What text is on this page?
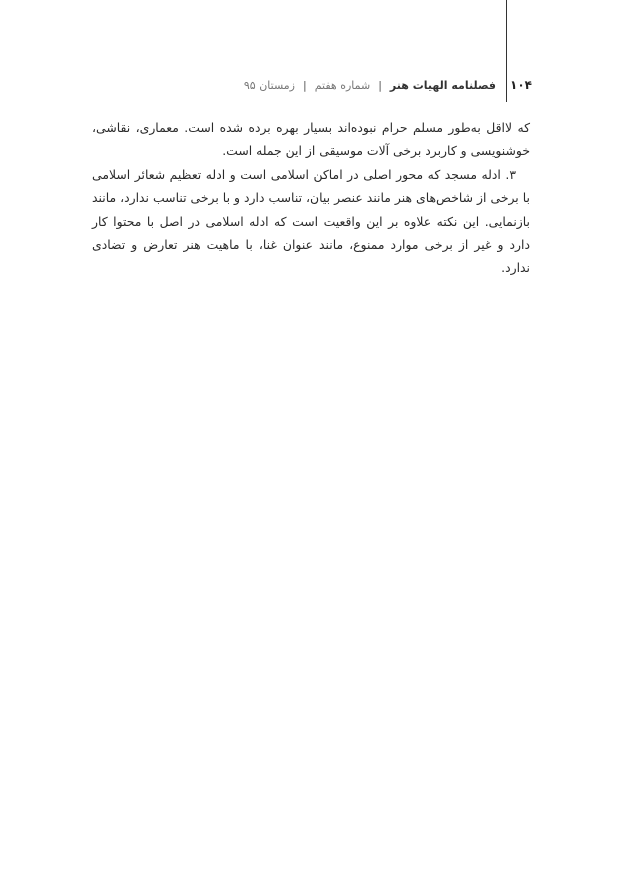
۱۰۴
فصلنامه الهیات هنر
|
شماره هفتم
|
زمستان ۹۵

که لااقل به‌طور مسلم حرام نبوده‌اند بسیار بهره برده شده است. معماری، نقاشی، خوشنویسی و کاربرد برخی آلات موسیقی از این جمله است.

۳. ادله مسجد که محور اصلی در اماکن اسلامی است و ادله تعظیم شعائر اسلامی با برخی از شاخص‌های هنر مانند عنصر بیان، تناسب دارد و با برخی تناسب ندارد، مانند بازنمایی. این نکته علاوه بر این واقعیت است که ادله اسلامی در اصل با محتوا کار دارد و غیر از برخی موارد ممنوع، مانند عنوان غنا، با ماهیت هنر تعارض و تضادی ندارد.
